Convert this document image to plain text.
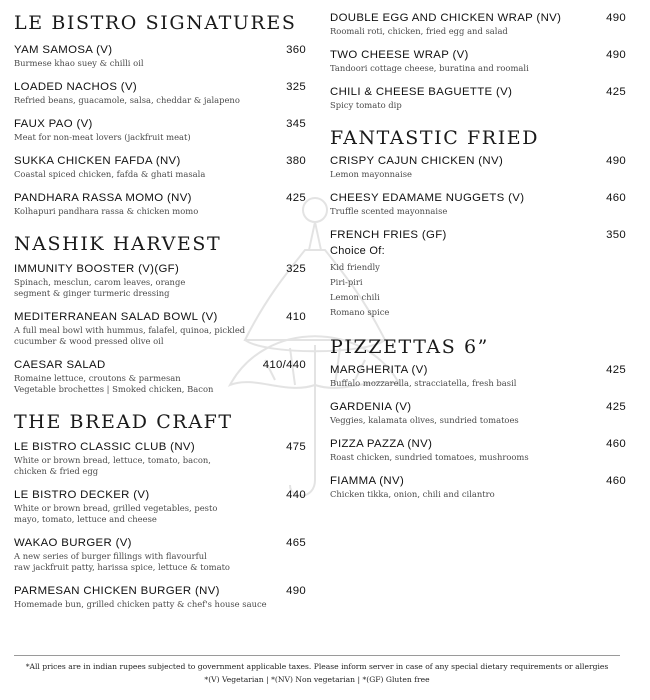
LE BISTRO SIGNATURES
YAM SAMOSA (V)	360
Burmese khao suey & chilli oil
LOADED NACHOS (V)	325
Refried beans, guacamole, salsa, cheddar & jalapeno
FAUX PAO (V)	345
Meat for non-meat lovers (jackfruit meat)
SUKKA CHICKEN FAFDA (NV)	380
Coastal spiced chicken, fafda & ghati masala
PANDHARA RASSA MOMO (NV)	425
Kolhapuri pandhara rassa & chicken momo
NASHIK HARVEST
IMMUNITY BOOSTER (V)(GF)	325
Spinach, mesclun, carom leaves, orange
segment & ginger turmeric dressing
MEDITERRANEAN SALAD BOWL (V)	410
A full meal bowl with hummus, falafel, quinoa, pickled
cucumber & wood pressed olive oil
CAESAR SALAD	410/440
Romaine lettuce, croutons & parmesan
Vegetable brochettes | Smoked chicken, Bacon
THE BREAD CRAFT
LE BISTRO CLASSIC CLUB (NV)	475
White or brown bread, lettuce, tomato, bacon,
chicken & fried egg
LE BISTRO DECKER (V)	440
White or brown bread, grilled vegetables, pesto
mayo, tomato, lettuce and cheese
WAKAO BURGER (V)	465
A new series of burger fillings with flavourful
raw jackfruit patty, harissa spice, lettuce & tomato
PARMESAN CHICKEN BURGER (NV)	490
Homemade bun, grilled chicken patty & chef's house sauce
DOUBLE EGG AND CHICKEN WRAP (NV)	490
Roomali roti, chicken, fried egg and salad
TWO CHEESE WRAP (V)	490
Tandoori cottage cheese, buratina and roomali
CHILI & CHEESE BAGUETTE (V)	425
Spicy tomato dip
FANTASTIC FRIED
CRISPY CAJUN CHICKEN (NV)	490
Lemon mayonnaise
CHEESY EDAMAME NUGGETS (V)	460
Truffle scented mayonnaise
FRENCH FRIES (GF)	350
Choice Of:
Kid friendly
Piri-piri
Lemon chili
Romano spice
PIZZETTAS 6”
MARGHERITA (V)	425
Buffalo mozzarella, stracciatella, fresh basil
GARDENIA (V)	425
Veggies, kalamata olives, sundried tomatoes
PIZZA PAZZA (NV)	460
Roast chicken, sundried tomatoes, mushrooms
FIAMMA (NV)	460
Chicken tikka, onion, chili and cilantro
*All prices are in indian rupees subjected to government applicable taxes. Please inform server in case of any special dietary requirements or allergies
*(V) Vegetarian | *(NV) Non vegetarian | *(GF) Gluten free
